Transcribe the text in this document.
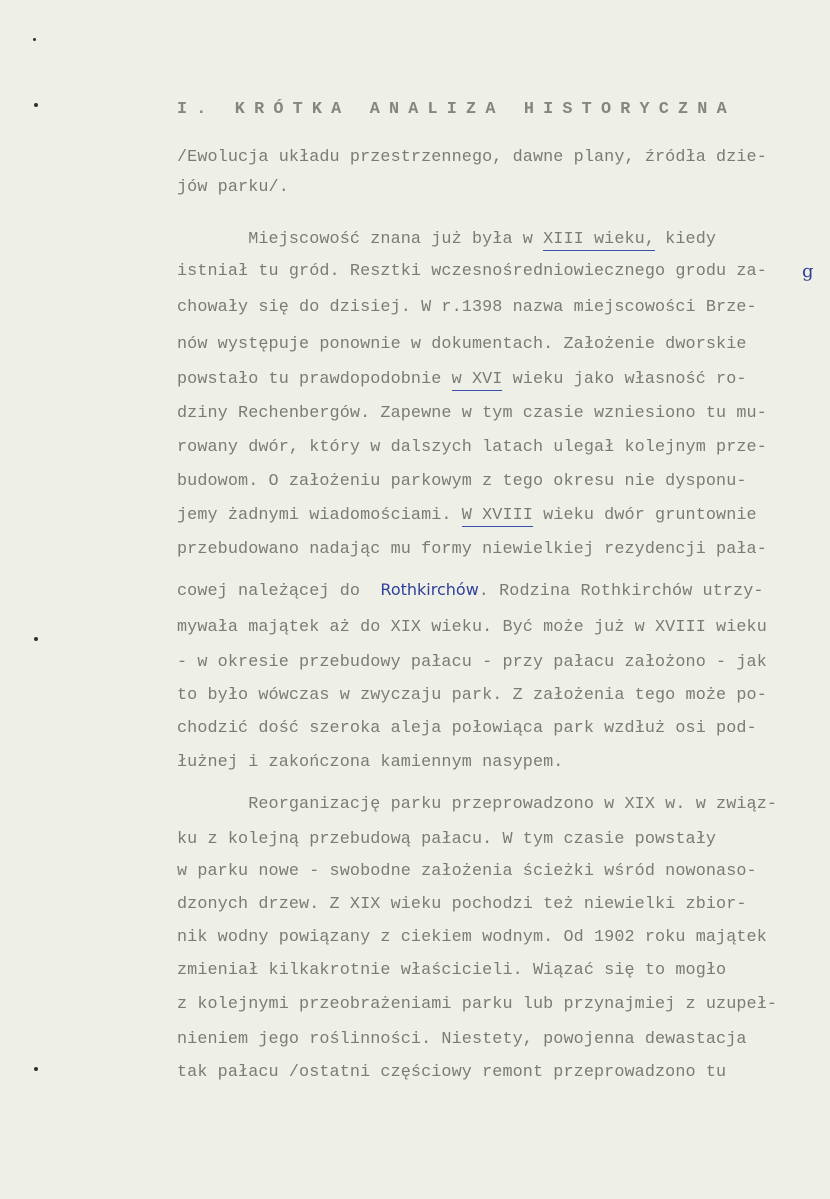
I. KRÓTKA ANALIZA HISTORYCZNA
/Ewolucja układu przestrzennego, dawne plany, źródła dzie-
jów parku/.
Miejscowość znana już była w XIII wieku, kiedy
istniał tu gród. Resztki wczesnośredniowiecznego grodu za-
chowały się do dzisiej. W r.1398 nazwa miejscowości Brze-
nów występuje ponownie w dokumentach. Założenie dworskie
powstało tu prawdopodobnie w XVI wieku jako własność ro-
dziny Rechenbergów. Zapewne w tym czasie wzniesiono tu mu-
rowany dwór, który w dalszych latach ulegał kolejnym prze-
budowom. O założeniu parkowym z tego okresu nie dysponu-
jemy żadnymi wiadomościami. W XVIII wieku dwór gruntownie
przebudowano nadając mu formy niewielkiej rezydencji pała-
cowej należącej do  Rothkirchów. Rodzina Rothkirchów utrzy-
mywała majątek aż do XIX wieku. Być może już w XVIII wieku
- w okresie przebudowy pałacu - przy pałacu założono - jak
to było wówczas w zwyczaju park. Z założenia tego może po-
chodzić dość szeroka aleja połowiąca park wzdłuż osi pod-
łużnej i zakończona kamiennym nasypem.
Reorganizację parku przeprowadzono w XIX w. w związ-
ku z kolejną przebudową pałacu. W tym czasie powstały
w parku nowe - swobodne założenia ścieżki wśród nowonaso-
dzonych drzew. Z XIX wieku pochodzi też niewielki zbior-
nik wodny powiązany z ciekiem wodnym. Od 1902 roku majątek
zmieniał kilkakrotnie właścicieli. Wiązać się to mogło
z kolejnymi przeobrażeniami parku lub przynajmiej z uzupeł-
nieniem jego roślinności. Niestety, powojenna dewastacja
tak pałacu /ostatni częściowy remont przeprowadzono tu
g
